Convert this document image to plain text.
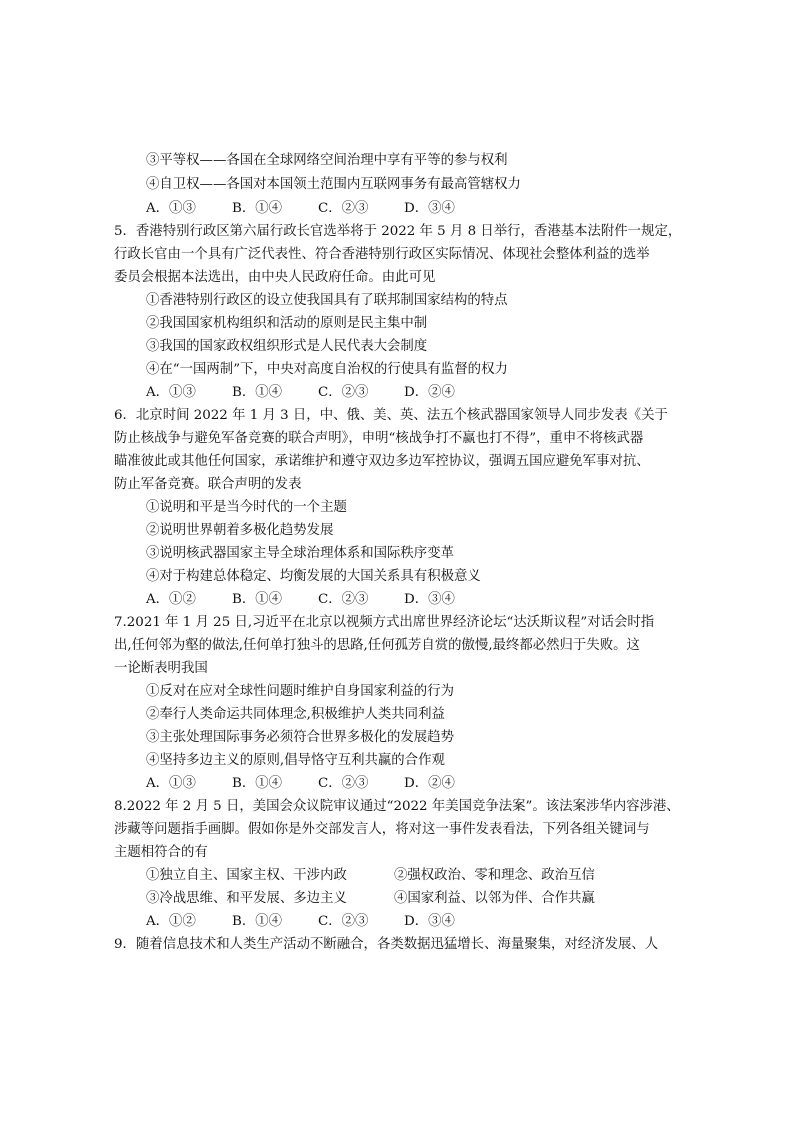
③平等权——各国在全球网络空间治理中享有平等的参与权利
④自卫权——各国对本国领土范围内互联网事务有最高管辖权力
A．①③	B．①④	C．②③	D．③④
5．香港特别行政区第六届行政长官选举将于 2022 年 5 月 8 日举行，香港基本法附件一规定，
行政长官由一个具有广泛代表性、符合香港特别行政区实际情况、体现社会整体利益的选举
委员会根据本法选出，由中央人民政府任命。由此可见
①香港特别行政区的设立使我国具有了联邦制国家结构的特点
②我国国家机构组织和活动的原则是民主集中制
③我国的国家政权组织形式是人民代表大会制度
④在“一国两制”下，中央对高度自治权的行使具有监督的权力
A．①③	B．①④	C．②③	D．②④
6．北京时间 2022 年 1 月 3 日，中、俄、美、英、法五个核武器国家领导人同步发表《关于
防止核战争与避免军备竞赛的联合声明》，申明“核战争打不赢也打不得”，重申不将核武器
瞄准彼此或其他任何国家，承诺维护和遵守双边多边军控协议，强调五国应避免军事对抗、
防止军备竞赛。联合声明的发表
①说明和平是当今时代的一个主题
②说明世界朝着多极化趋势发展
③说明核武器国家主导全球治理体系和国际秩序变革
④对于构建总体稳定、均衡发展的大国关系具有积极意义
A．①②	B．①④	C．②③	D．③④
7.2021 年 1 月 25 日,习近平在北京以视频方式出席世界经济论坛“达沃斯议程”对话会时指
出,任何邻为壑的做法,任何单打独斗的思路,任何孤芳自赏的傲慢,最终都必然归于失败。这
一论断表明我国
①反对在应对全球性问题时维护自身国家利益的行为
②奉行人类命运共同体理念,积极维护人类共同利益
③主张处理国际事务必须符合世界多极化的发展趋势
④坚持多边主义的原则,倡导恪守互利共赢的合作观
A．①③	B．①④	C．②③	D．②④
8.2022 年 2 月 5 日，美国会众议院审议通过“2022 年美国竞争法案”。该法案涉华内容涉港、
涉藏等问题指手画脚。假如你是外交部发言人，将对这一事件发表看法，下列各组关键词与
主题相符合的有
①独立自主、国家主权、干涉内政	②强权政治、零和理念、政治互信
③冷战思维、和平发展、多边主义	④国家利益、以邻为伴、合作共赢
A．①②	B．①④	C．②③	D．③④
9．随着信息技术和人类生产活动不断融合，各类数据迅猛增长、海量聚集，对经济发展、人
